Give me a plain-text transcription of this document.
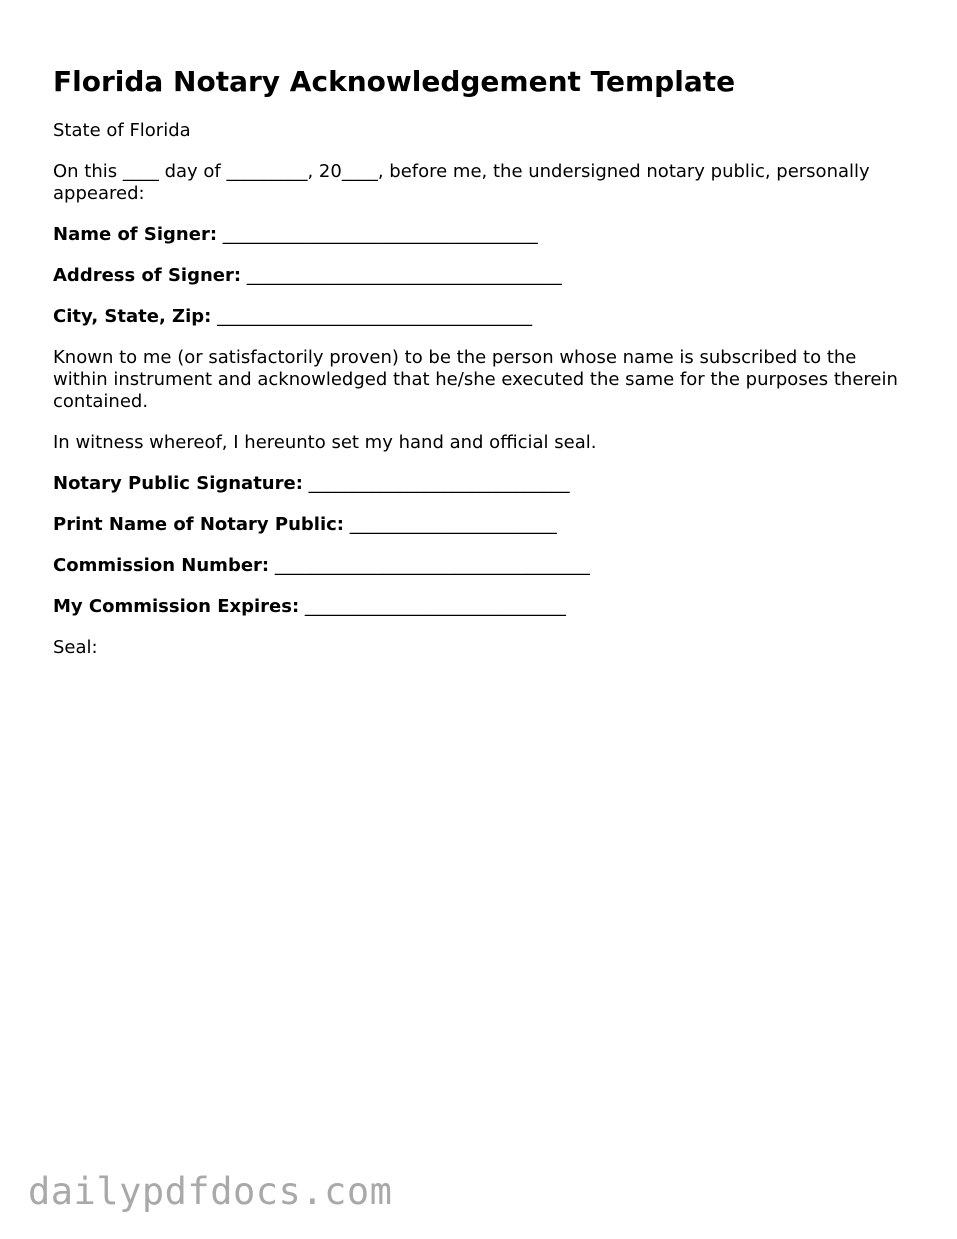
Florida Notary Acknowledgement Template

State of Florida

On this ____ day of _________, 20____, before me, the undersigned notary public, personally appeared:

Name of Signer: ___________________________________

Address of Signer: ___________________________________

City, State, Zip: ___________________________________

Known to me (or satisfactorily proven) to be the person whose name is subscribed to the within instrument and acknowledged that he/she executed the same for the purposes therein contained.

In witness whereof, I hereunto set my hand and official seal.

Notary Public Signature: _____________________________

Print Name of Notary Public: _______________________

Commission Number: ___________________________________

My Commission Expires: _____________________________

Seal:

dailypdfdocs.com
